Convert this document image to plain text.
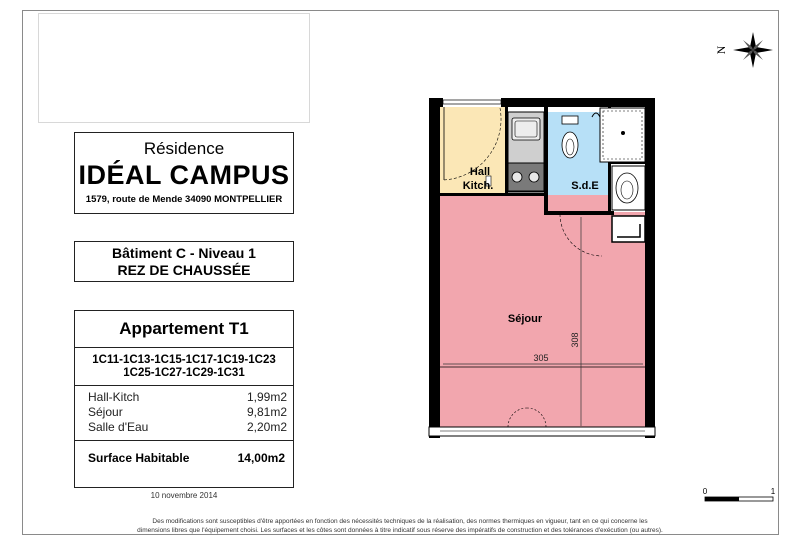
Résidence
IDÉAL CAMPUS
1579, route de Mende 34090 MONTPELLIER
Bâtiment C - Niveau 1
REZ DE CHAUSSÉE
Appartement T1
1C11-1C13-1C15-1C17-1C19-1C23
1C25-1C27-1C29-1C31
Hall-Kitch	1,99m2
Séjour	9,81m2
Salle d'Eau	2,20m2
Surface Habitable	14,00m2
10 novembre 2014
Hall
Kitch.	S.d.E
Séjour
305
308
N
0	1
Des modifications sont susceptibles d'être apportées en fonction des nécessités techniques de la réalisation, des normes thermiques en vigueur, tant en ce qui concerne les
dimensions libres que l'équipement choisi. Les surfaces et les côtes sont données à titre indicatif sous réserve des impératifs de construction et des tolérances d'exécution (ou autres).
